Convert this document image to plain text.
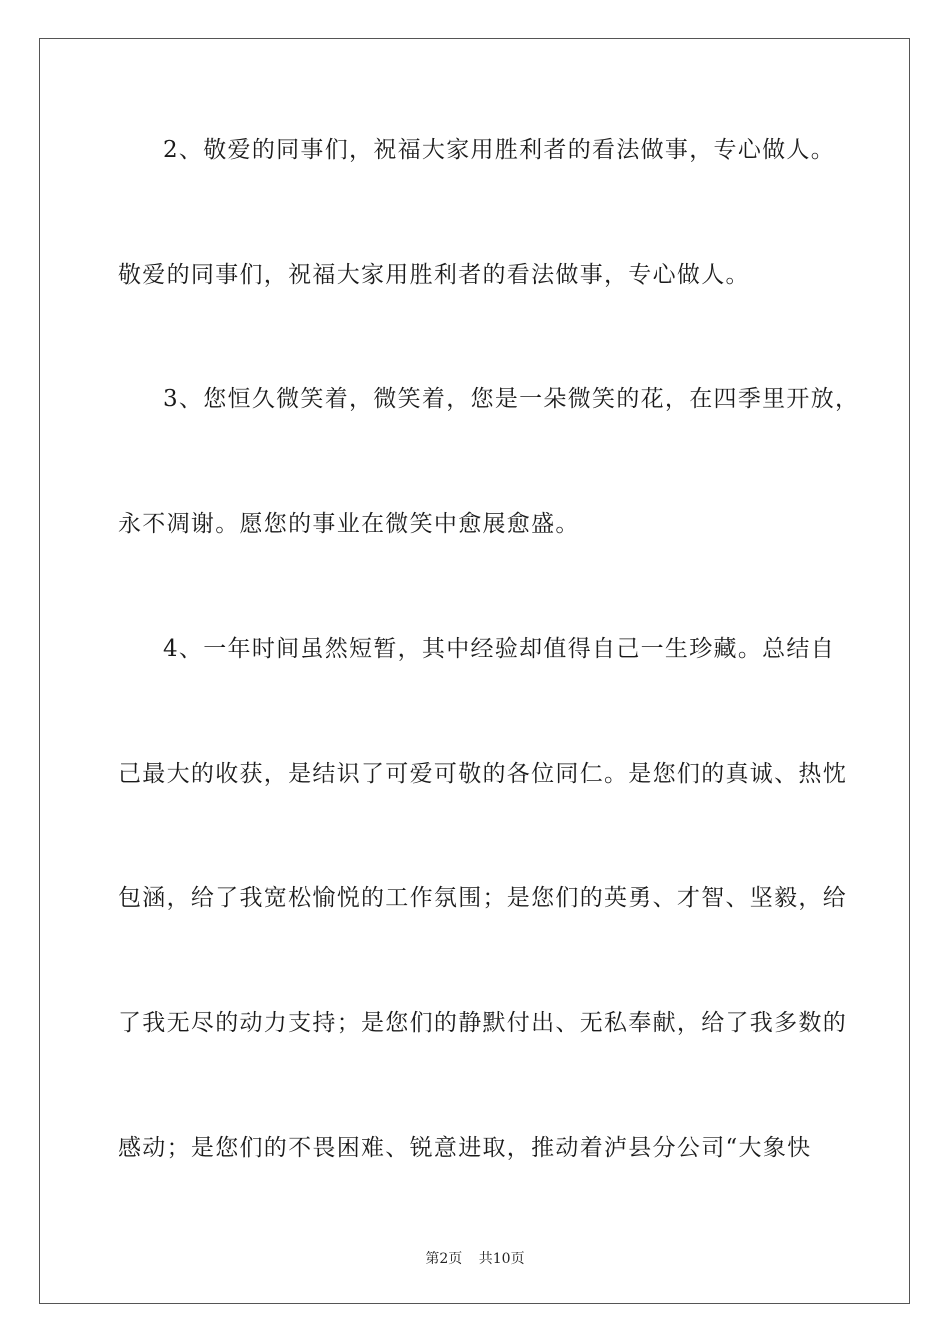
2、敬爱的同事们，祝福大家用胜利者的看法做事，专心做人。
敬爱的同事们，祝福大家用胜利者的看法做事，专心做人。
3、您恒久微笑着，微笑着，您是一朵微笑的花，在四季里开放，
永不凋谢。愿您的事业在微笑中愈展愈盛。
4、一年时间虽然短暂，其中经验却值得自己一生珍藏。总结自
己最大的收获，是结识了可爱可敬的各位同仁。是您们的真诚、热忱
包涵，给了我宽松愉悦的工作氛围；是您们的英勇、才智、坚毅，给
了我无尽的动力支持；是您们的静默付出、无私奉献，给了我多数的
感动；是您们的不畏困难、锐意进取，推动着泸县分公司“大象快
第2页 共10页
